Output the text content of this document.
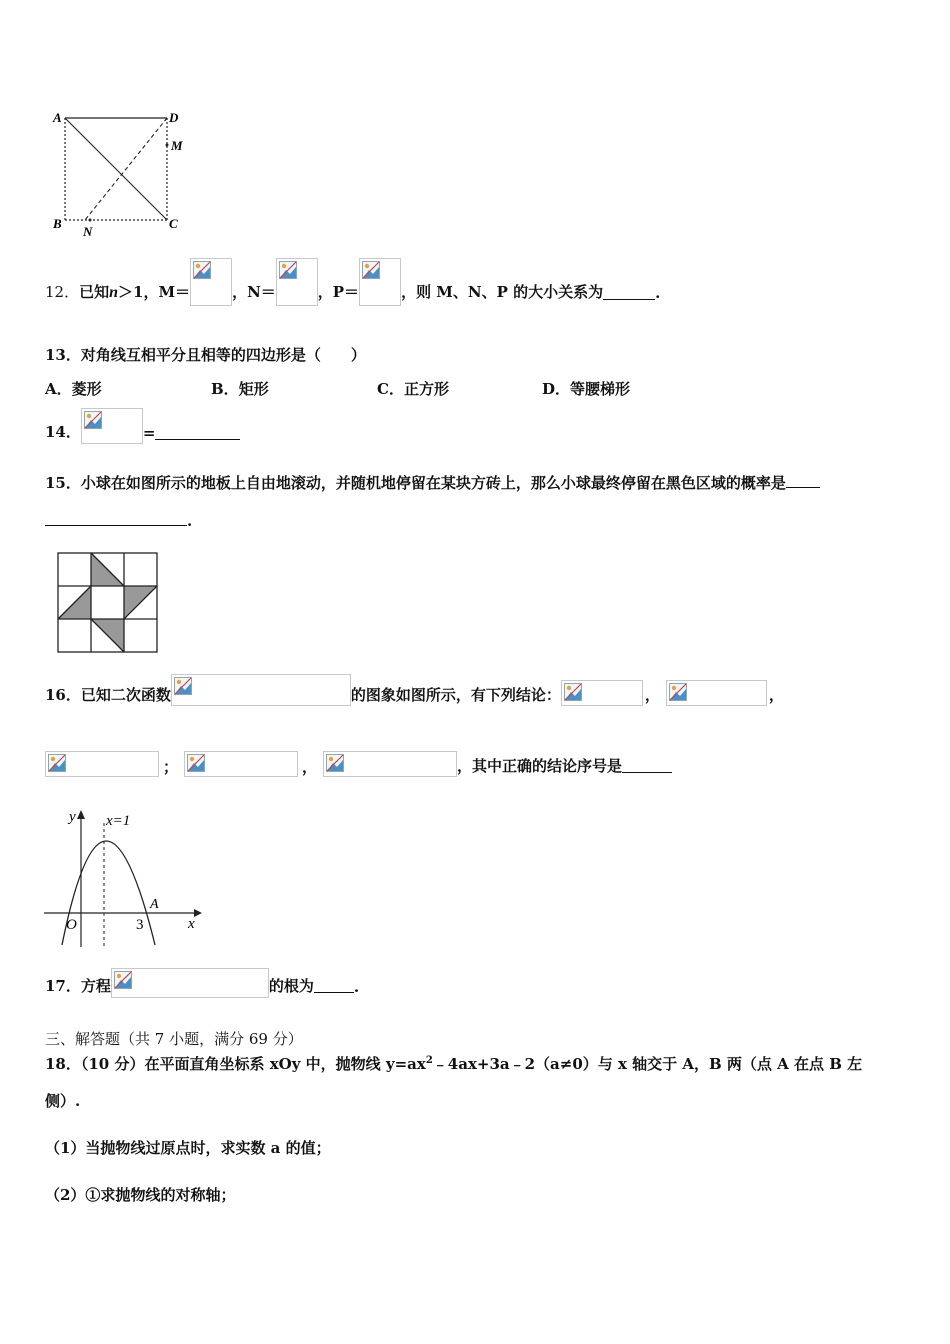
A	D
M
B
N
C
12． 已知 n ＞1， M＝	，N＝	，P＝	，则 M、N、P 的大小关系为	.
13．对角线互相平分且相等的四边形是（　　）
A．菱形	B．矩形	C．正方形	D．等腰梯形
14．	=
15．小球在如图所示的地板上自由地滚动，并随机地停留在某块方砖上，那么小球最终停留在黑色区域的概率是
.
16． 已知二次函数	的图象如图所示，有下列结论：	，	，
；	，	，其中正确的结论序号是
y x=1
A
x
O	3
17． 方程	的根为	.
三、解答题（共 7 小题，满分 69 分）
18．（10 分）在平面直角坐标系 xOy 中，抛物线 $y=ax^2﹣4ax+3a﹣2(a\ne 0)$与 x 轴交于 A，B 两（点 A 在点 B 左
侧）.
（1）当抛物线过原点时，求实数 a 的值；
（2）①求抛物线的对称轴；
